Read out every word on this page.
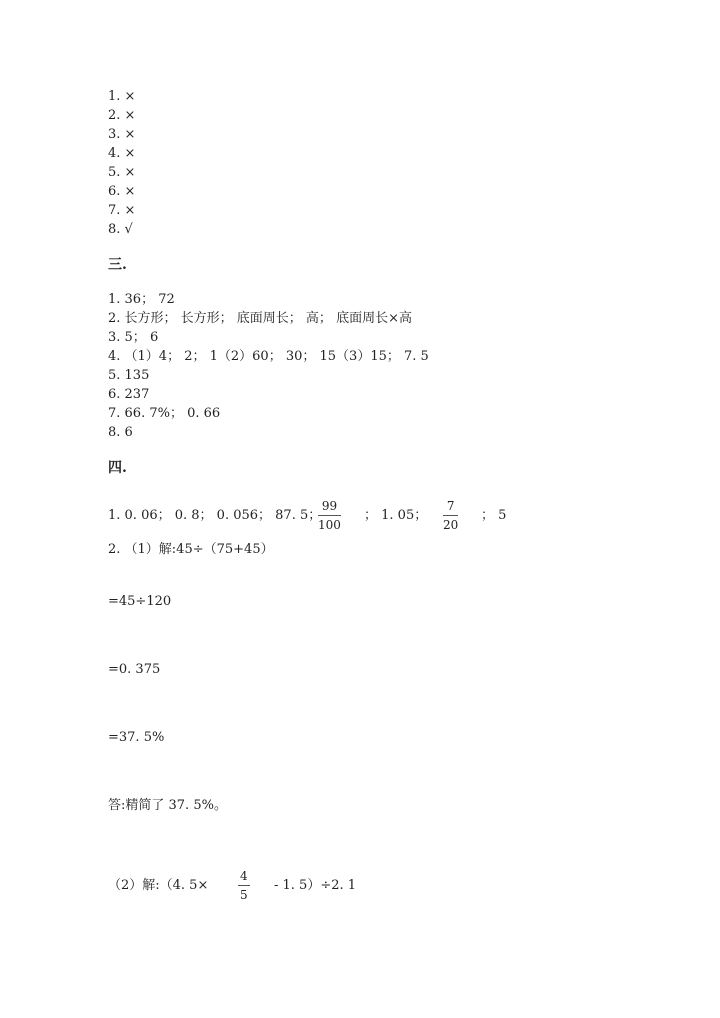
1. ×
2. ×
3. ×
4. ×
5. ×
6. ×
7. ×
8. √
三.
1. 36； 72
2. 长方形； 长方形； 底面周长； 高； 底面周长×高
3. 5； 6
4. （1）4； 2； 1（2）60； 30； 15（3）15； 7. 5
5. 135
6. 237
7. 66. 7%； 0. 66
8. 6
四.
1. 0. 06； 0. 8； 0. 056； 87. 5；
$\frac{99}{100}$ ； 1. 05； $\frac{7}{20}$ ； 5
2. （1）解:45÷（75+45）
=45÷120
=0. 375
=37. 5%
答:精简了 37. 5%。
（2）解:（4. $5\times \frac{4}{5} - 1$. 5）÷2. 1
